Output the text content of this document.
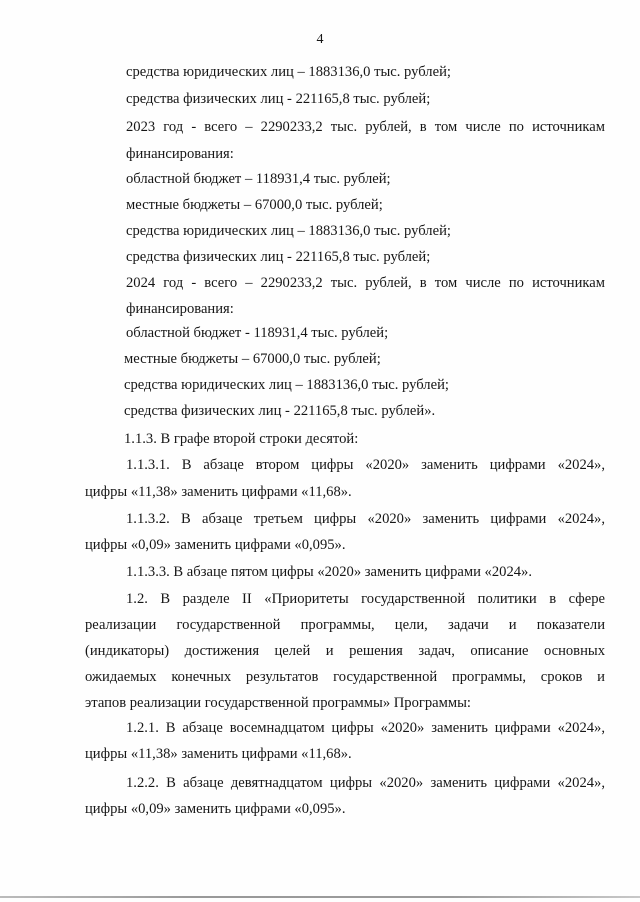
4
средства юридических лиц – 1883136,0 тыс. рублей;
средства физических лиц - 221165,8 тыс. рублей;
2023 год - всего – 2290233,2 тыс. рублей, в том числе по источникам
финансирования:
областной бюджет – 118931,4 тыс. рублей;
местные бюджеты – 67000,0 тыс. рублей;
средства юридических лиц – 1883136,0 тыс. рублей;
средства физических лиц - 221165,8 тыс. рублей;
2024 год - всего – 2290233,2 тыс. рублей, в том числе по источникам
финансирования:
областной бюджет - 118931,4 тыс. рублей;
местные бюджеты – 67000,0 тыс. рублей;
средства юридических лиц – 1883136,0 тыс. рублей;
средства физических лиц - 221165,8 тыс. рублей».
1.1.3. В графе второй строки десятой:
1.1.3.1. В абзаце втором цифры «2020» заменить цифрами «2024»,
цифры «11,38» заменить цифрами «11,68».
1.1.3.2. В абзаце третьем цифры «2020» заменить цифрами «2024»,
цифры «0,09» заменить цифрами «0,095».
1.1.3.3. В абзаце пятом цифры «2020» заменить цифрами «2024».
1.2. В разделе II «Приоритеты государственной политики в сфере
реализации государственной программы, цели, задачи и показатели
(индикаторы) достижения целей и решения задач, описание основных
ожидаемых конечных результатов государственной программы, сроков и
этапов реализации государственной программы» Программы:
1.2.1. В абзаце восемнадцатом цифры «2020» заменить цифрами «2024»,
цифры «11,38» заменить цифрами «11,68».
1.2.2. В абзаце девятнадцатом цифры «2020» заменить цифрами «2024»,
цифры «0,09» заменить цифрами «0,095».
